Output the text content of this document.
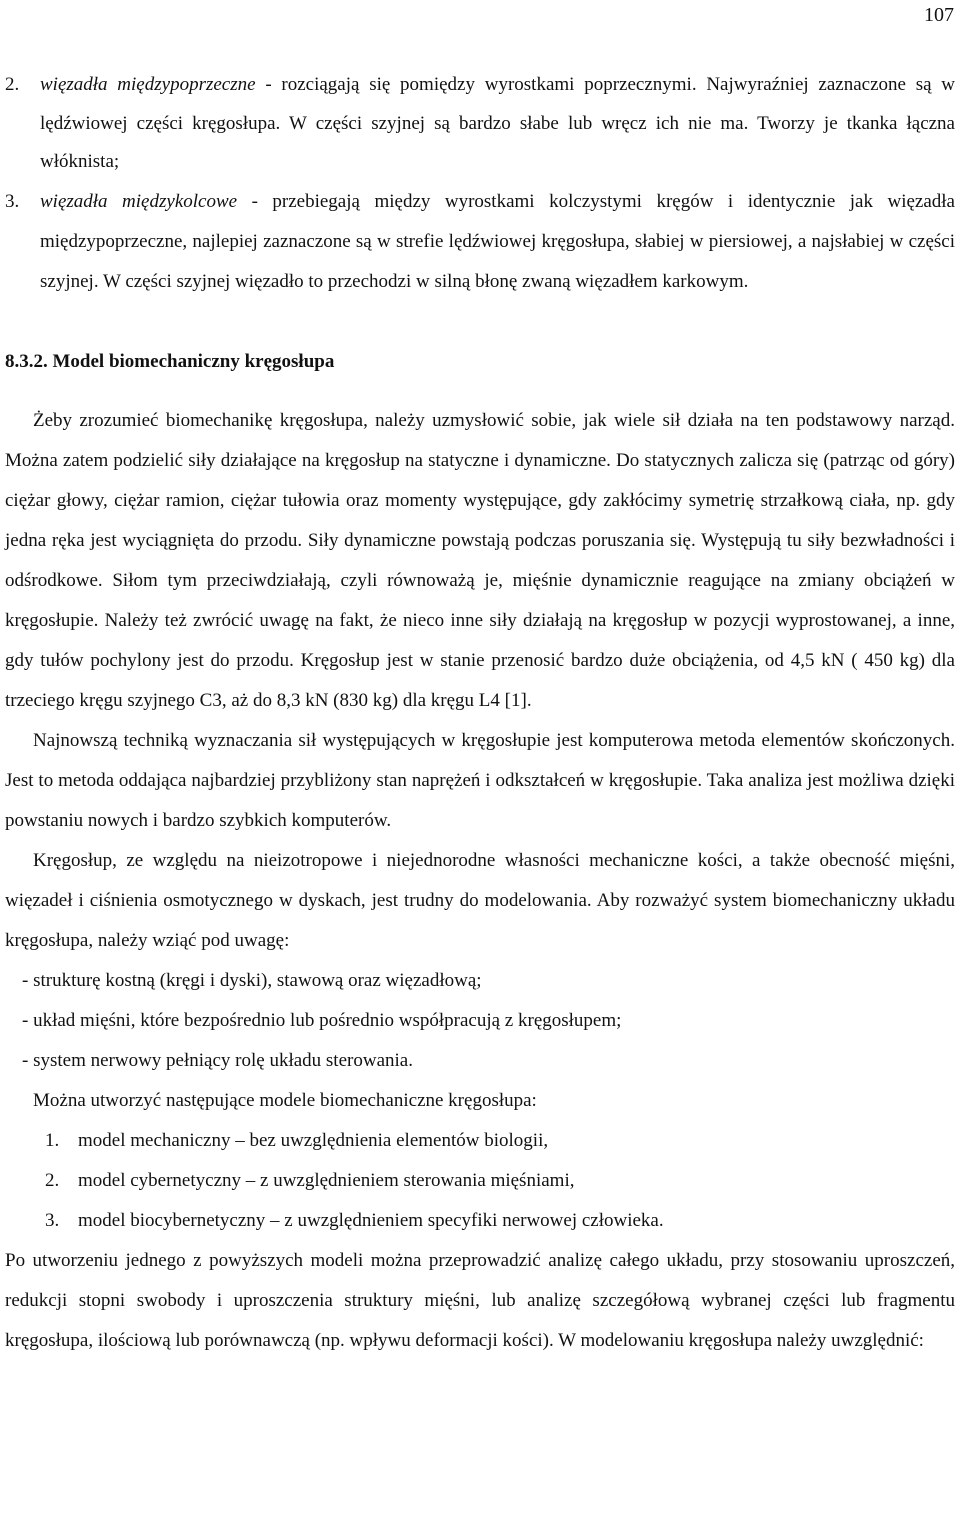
107
2.	więzadła międzypoprzeczne - rozciągają się pomiędzy wyrostkami poprzecznymi. Najwyraźniej zaznaczone są w lędźwiowej części kręgosłupa. W części szyjnej są bardzo słabe lub wręcz ich nie ma. Tworzy je tkanka łączna włóknista;
3.	więzadła międzykolcowe - przebiegają między wyrostkami kolczystymi kręgów i identycznie jak więzadła międzypoprzeczne, najlepiej zaznaczone są w strefie lędźwiowej kręgosłupa, słabiej w piersiowej, a najsłabiej w części szyjnej. W części szyjnej więzadło to przechodzi w silną błonę zwaną więzadłem karkowym.
8.3.2. Model biomechaniczny kręgosłupa

Żeby zrozumieć biomechanikę kręgosłupa, należy uzmysłowić sobie, jak wiele sił działa na ten podstawowy narząd. Można zatem podzielić siły działające na kręgosłup na statyczne i dynamiczne. Do statycznych zalicza się (patrząc od góry) ciężar głowy, ciężar ramion, ciężar tułowia oraz momenty występujące, gdy zakłócimy symetrię strzałkową ciała, np. gdy jedna ręka jest wyciągnięta do przodu. Siły dynamiczne powstają podczas poruszania się. Występują tu siły bezwładności i odśrodkowe. Siłom tym przeciwdziałają, czyli równoważą je, mięśnie dynamicznie reagujące na zmiany obciążeń w kręgosłupie. Należy też zwrócić uwagę na fakt, że nieco inne siły działają na kręgosłup w pozycji wyprostowanej, a inne, gdy tułów pochylony jest do przodu. Kręgosłup jest w stanie przenosić bardzo duże obciążenia, od 4,5 kN ( 450 kg) dla trzeciego kręgu szyjnego C3, aż do 8,3 kN (830 kg) dla kręgu L4 [1].

Najnowszą techniką wyznaczania sił występujących w kręgosłupie jest komputerowa metoda elementów skończonych. Jest to metoda oddająca najbardziej przybliżony stan naprężeń i odkształceń w kręgosłupie. Taka analiza jest możliwa dzięki powstaniu nowych i bardzo szybkich komputerów.

Kręgosłup, ze względu na nieizotropowe i niejednorodne własności mechaniczne kości, a także obecność mięśni, więzadeł i ciśnienia osmotycznego w dyskach, jest trudny do modelowania. Aby rozważyć system biomechaniczny układu kręgosłupa, należy wziąć pod uwagę:

- strukturę kostną (kręgi i dyski), stawową oraz więzadłową;
- układ mięśni, które bezpośrednio lub pośrednio współpracują z kręgosłupem;
- system nerwowy pełniący rolę układu sterowania.

Można utworzyć następujące modele biomechaniczne kręgosłupa:

1. model mechaniczny – bez uwzględnienia elementów biologii,
2. model cybernetyczny – z uwzględnieniem sterowania mięśniami,
3. model biocybernetyczny – z uwzględnieniem specyfiki nerwowej człowieka.

Po utworzeniu jednego z powyższych modeli można przeprowadzić analizę całego układu, przy stosowaniu uproszczeń, redukcji stopni swobody i uproszczenia struktury mięśni, lub analizę szczegółową wybranej części lub fragmentu kręgosłupa, ilościową lub porównawczą (np. wpływu deformacji kości). W modelowaniu kręgosłupa należy uwzględnić:
